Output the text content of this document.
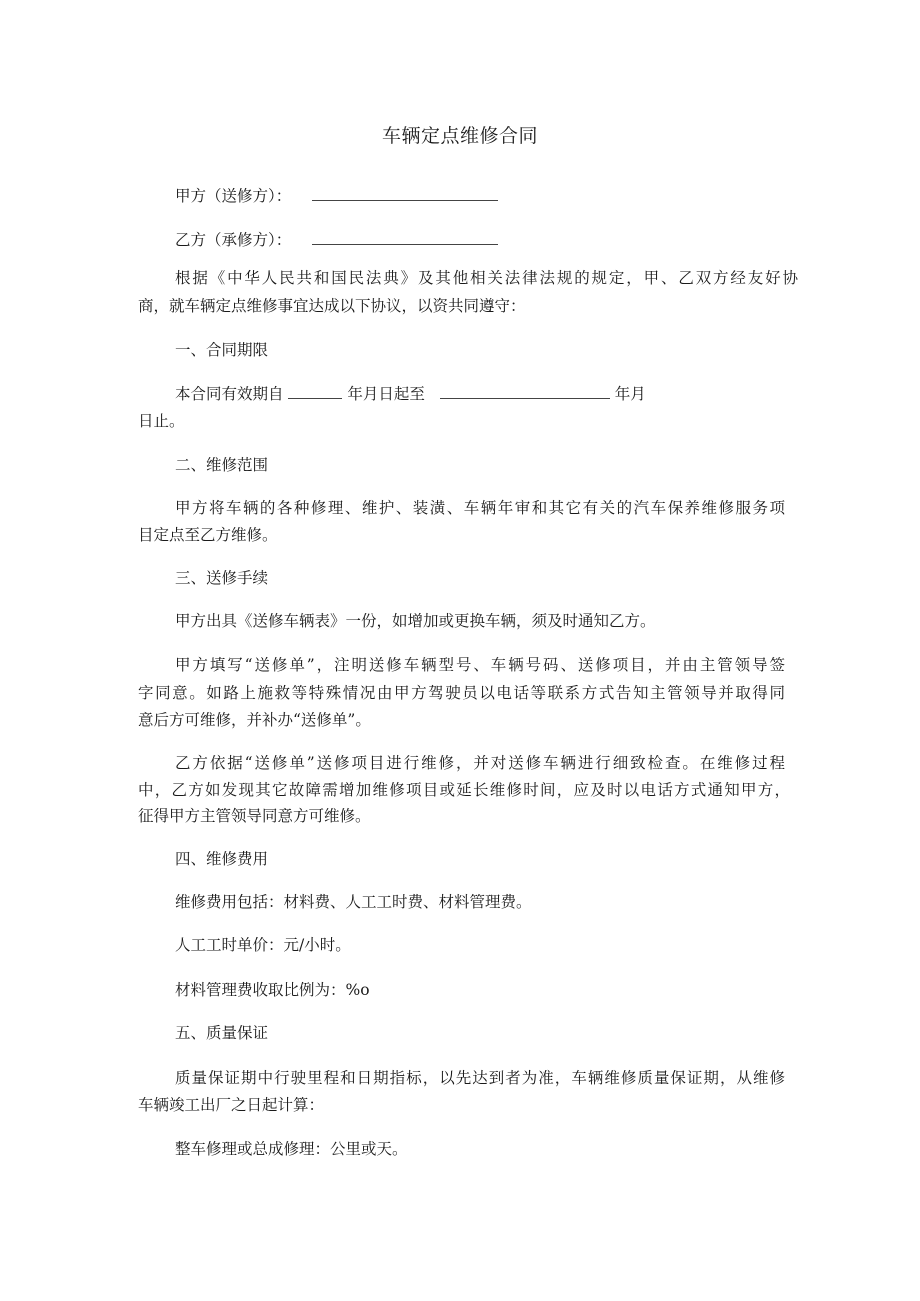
车辆定点维修合同
甲方（送修方）：
乙方（承修方）：
根据《中华人民共和国民法典》及其他相关法律法规的规定，甲、乙双方经友好协
商，就车辆定点维修事宜达成以下协议，以资共同遵守：
一、合同期限
本合同有效期自	年月日起至	年月
日止。
二、维修范围
甲方将车辆的各种修理、维护、装潢、车辆年审和其它有关的汽车保养维修服务项
目定点至乙方维修。
三、送修手续
甲方出具《送修车辆表》一份，如增加或更换车辆，须及时通知乙方。
甲方填写“送修单”，注明送修车辆型号、车辆号码、送修项目，并由主管领导签
字同意。如路上施救等特殊情况由甲方驾驶员以电话等联系方式告知主管领导并取得同
意后方可维修，并补办“送修单”。
乙方依据“送修单”送修项目进行维修，并对送修车辆进行细致检查。在维修过程
中，乙方如发现其它故障需增加维修项目或延长维修时间，应及时以电话方式通知甲方，
征得甲方主管领导同意方可维修。
四、维修费用
维修费用包括：材料费、人工工时费、材料管理费。
人工工时单价：元/小时。
材料管理费收取比例为：%o
五、质量保证
质量保证期中行驶里程和日期指标，以先达到者为准，车辆维修质量保证期，从维修
车辆竣工出厂之日起计算：
整车修理或总成修理：公里或天。
